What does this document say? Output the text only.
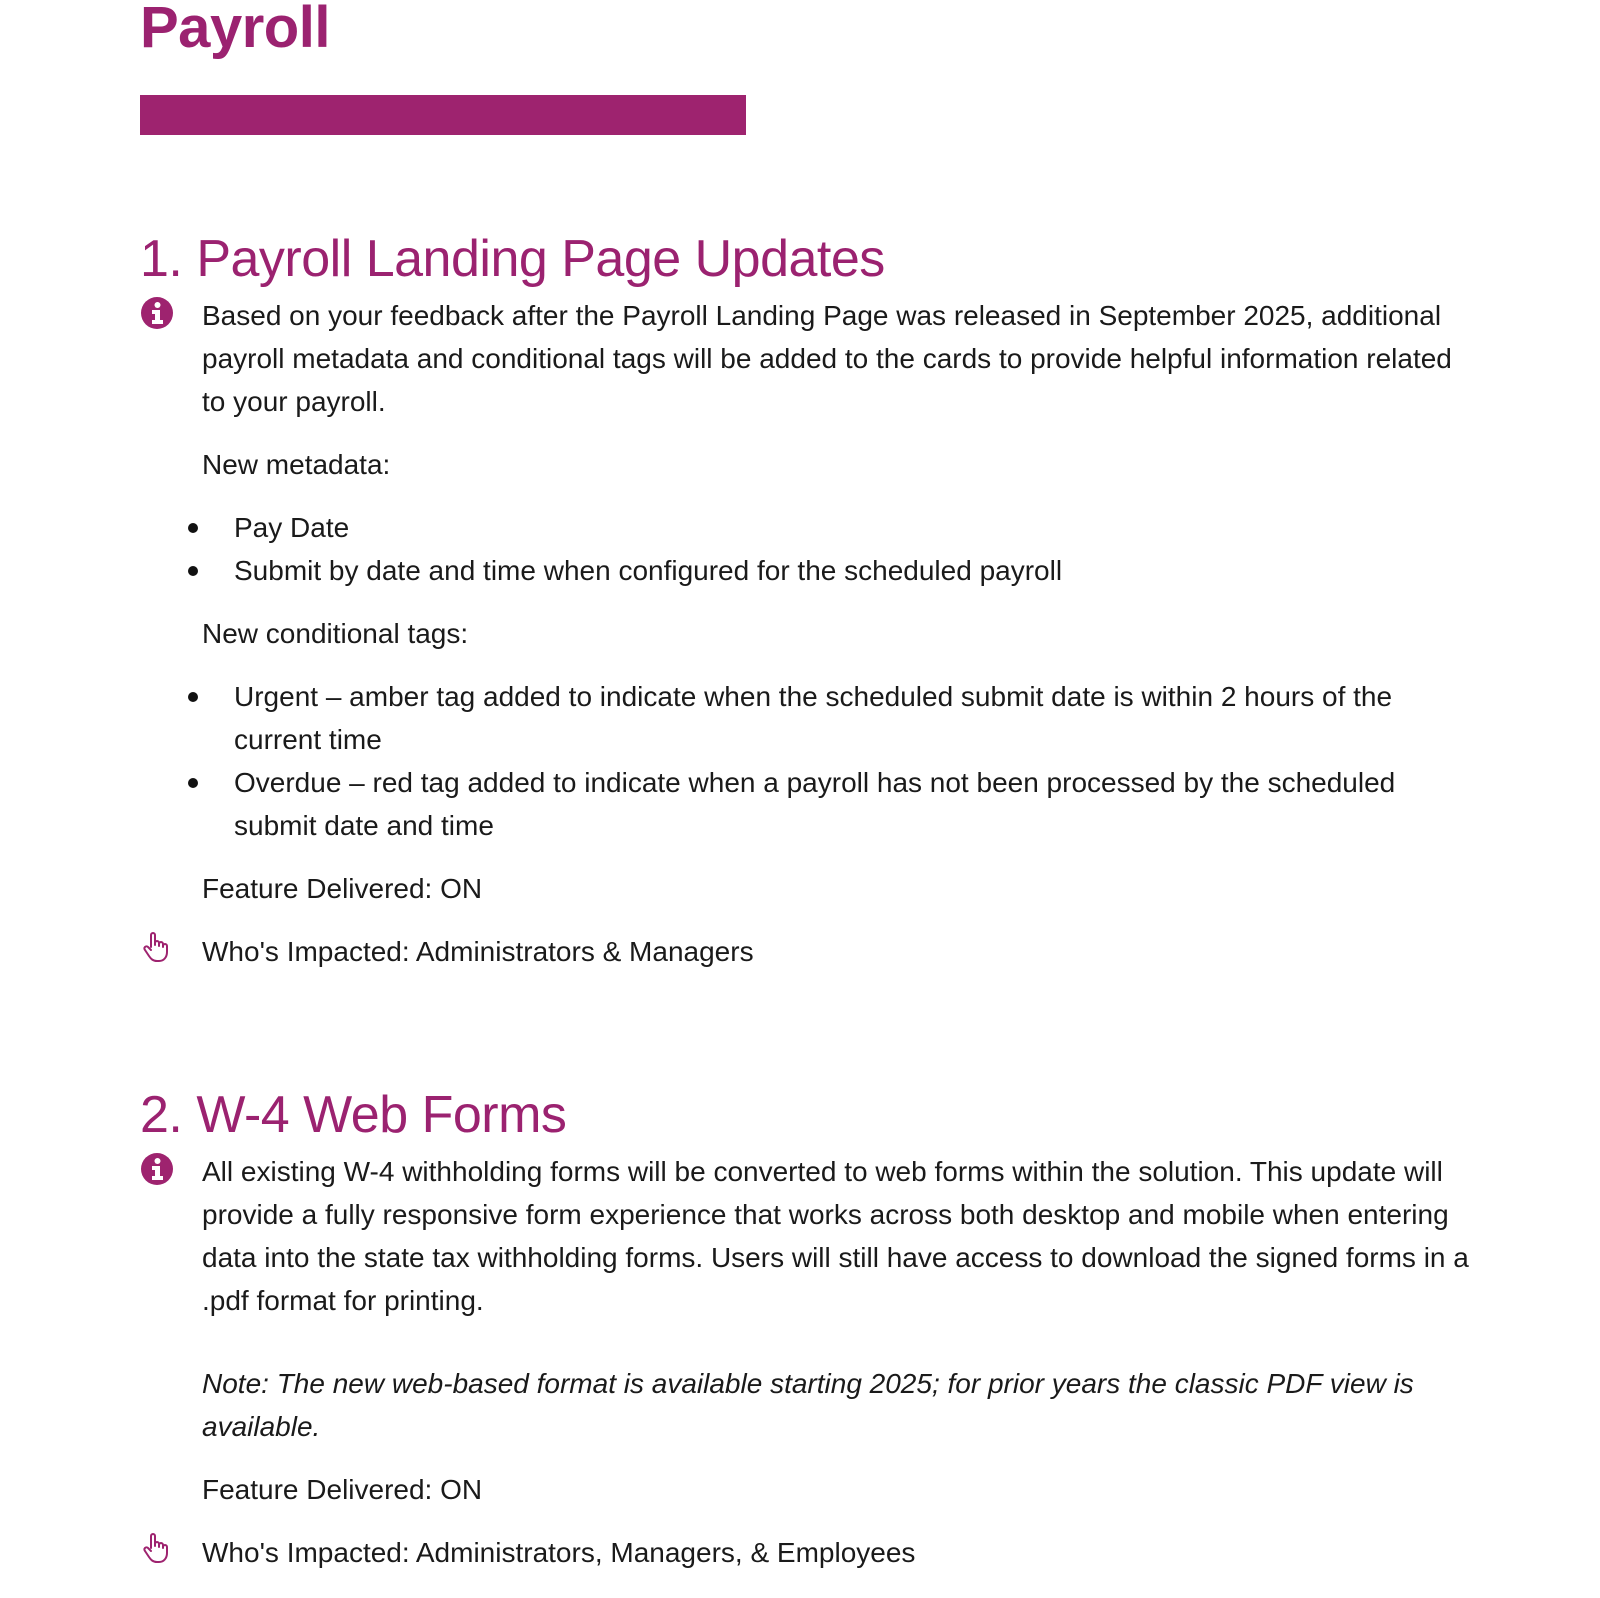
Payroll
1. Payroll Landing Page Updates

Based on your feedback after the Payroll Landing Page was released in September 2025, additional payroll metadata and conditional tags will be added to the cards to provide helpful information related to your payroll.

New metadata:

Pay Date
Submit by date and time when configured for the scheduled payroll

New conditional tags:

Urgent – amber tag added to indicate when the scheduled submit date is within 2 hours of the current time
Overdue – red tag added to indicate when a payroll has not been processed by the scheduled submit date and time

Feature Delivered: ON

Who's Impacted: Administrators & Managers

2. W-4 Web Forms

All existing W-4 withholding forms will be converted to web forms within the solution. This update will provide a fully responsive form experience that works across both desktop and mobile when entering data into the state tax withholding forms. Users will still have access to download the signed forms in a .pdf format for printing.

Note: The new web-based format is available starting 2025; for prior years the classic PDF view is available.

Feature Delivered: ON

Who's Impacted: Administrators, Managers, & Employees
